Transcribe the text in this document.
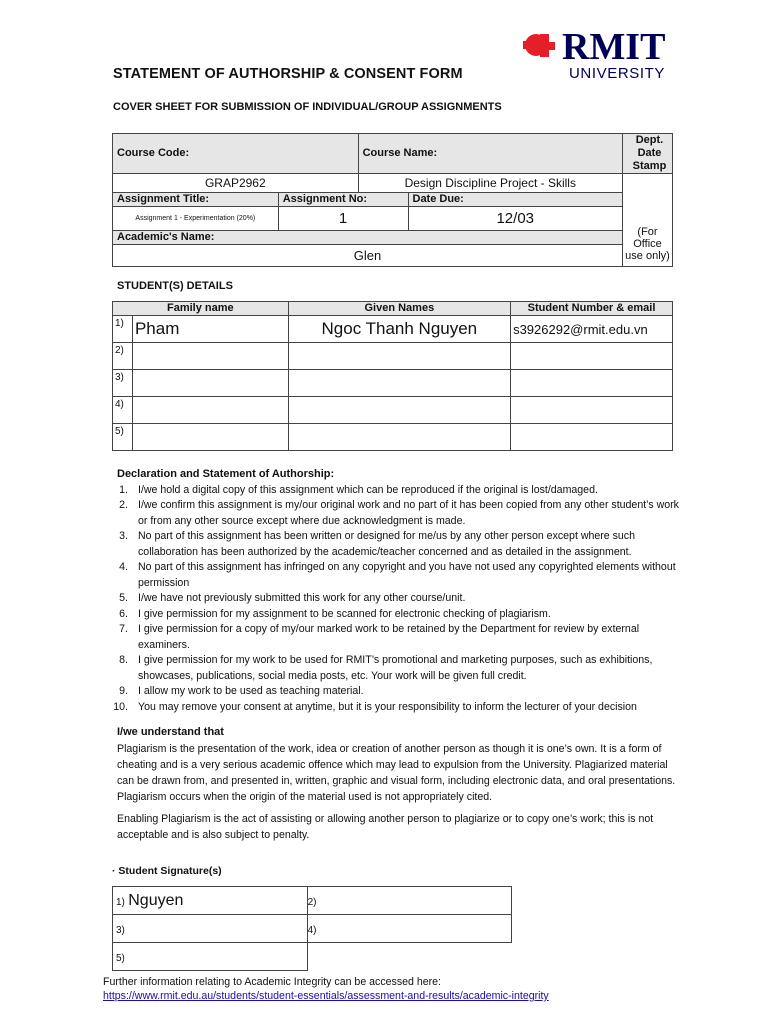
RMIT
UNIVERSITY
STATEMENT OF AUTHORSHIP & CONSENT FORM
COVER SHEET FOR SUBMISSION OF INDIVIDUAL/GROUP ASSIGNMENTS
Course Code:		Course Name:		Dept. Date Stamp
GRAP2962		Design Discipline Project - Skills		(For Office use only)
Assignment Title:	Assignment No:		Date Due:	
Assignment 1 - Experimentation (20%)	1		12/03	
Academic's Name:				
Glen				
STUDENT(S) DETAILS
Family name		Given Names	Student Number & email
1)	Pham	Ngoc Thanh Nguyen	s3926292@rmit.edu.vn
2)			
3)			
4)			
5)			
Declaration and Statement of Authorship:
1. I/we hold a digital copy of this assignment which can be reproduced if the original is lost/damaged.
2. I/we confirm this assignment is my/our original work and no part of it has been copied from any other student’s work or from any other source except where due acknowledgment is made.
3. No part of this assignment has been written or designed for me/us by any other person except where such collaboration has been authorized by the academic/teacher concerned and as detailed in the assignment.
4. No part of this assignment has infringed on any copyright and you have not used any copyrighted elements without permission
5. I/we have not previously submitted this work for any other course/unit.
6. I give permission for my assignment to be scanned for electronic checking of plagiarism.
7. I give permission for a copy of my/our marked work to be retained by the Department for review by external examiners.
8. I give permission for my work to be used for RMIT’s promotional and marketing purposes, such as exhibitions, showcases, publications, social media posts, etc. Your work will be given full credit.
9. I allow my work to be used as teaching material.
10. You may remove your consent at anytime, but it is your responsibility to inform the lecturer of your decision
I/we understand that
Plagiarism is the presentation of the work, idea or creation of another person as though it is one’s own. It is a form of cheating and is a very serious academic offence which may lead to expulsion from the University. Plagiarized material can be drawn from, and presented in, written, graphic and visual form, including electronic data, and oral presentations. Plagiarism occurs when the origin of the material used is not appropriately cited.
Enabling Plagiarism is the act of assisting or allowing another person to plagiarize or to copy one’s work; this is not acceptable and is also subject to penalty.
· Student Signature(s)
1) Nguyen	2)
3)	4)
5)	
Further information relating to Academic Integrity can be accessed here:
https://www.rmit.edu.au/students/student-essentials/assessment-and-results/academic-integrity
